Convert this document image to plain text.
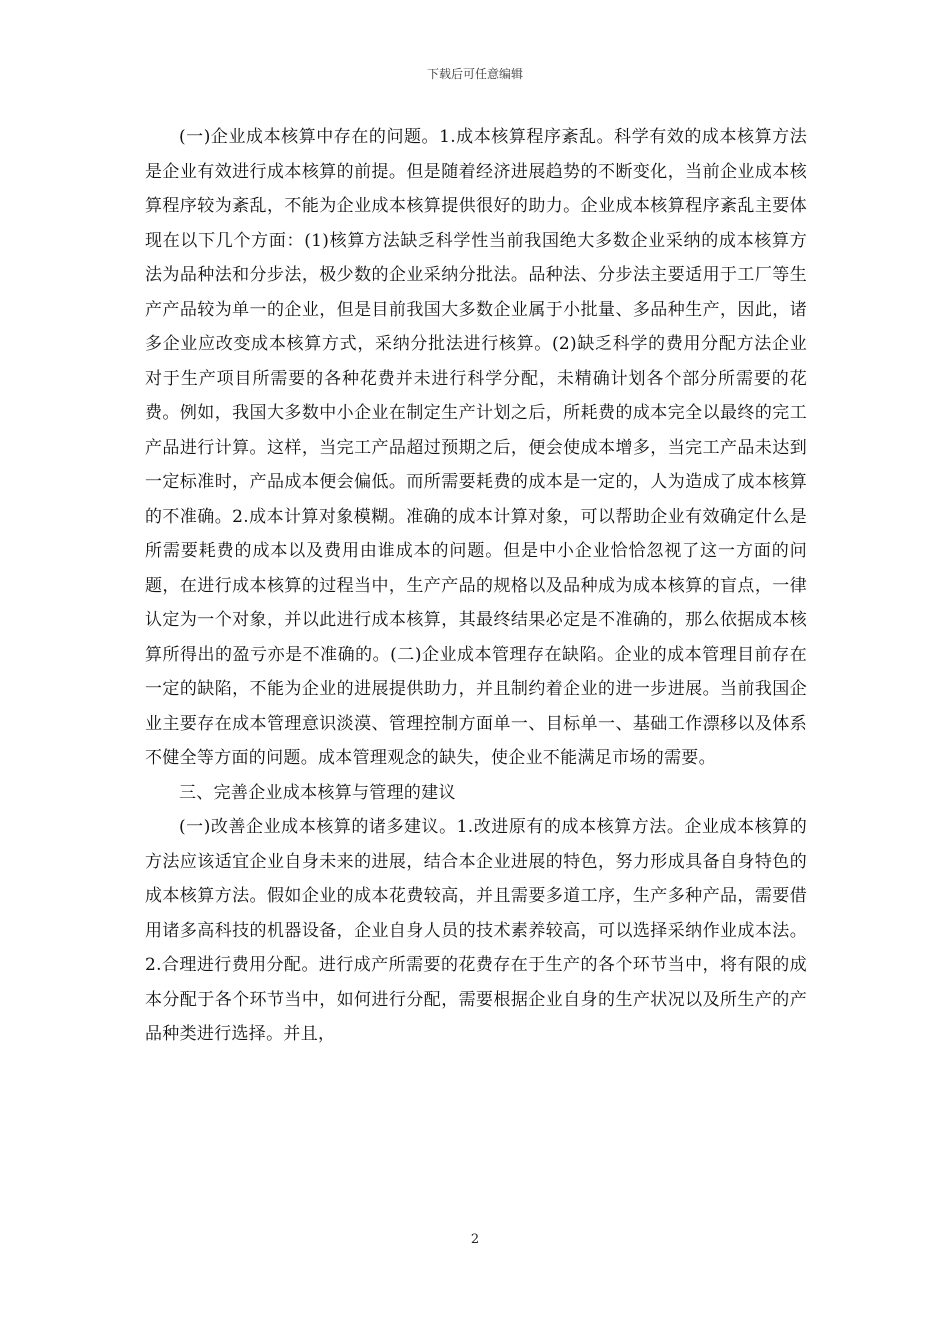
下载后可任意编辑

(一)企业成本核算中存在的问题。1.成本核算程序紊乱。科学有效的成本核算方法是企业有效进行成本核算的前提。但是随着经济进展趋势的不断变化，当前企业成本核算程序较为紊乱，不能为企业成本核算提供很好的助力。企业成本核算程序紊乱主要体现在以下几个方面：(1)核算方法缺乏科学性当前我国绝大多数企业采纳的成本核算方法为品种法和分步法，极少数的企业采纳分批法。品种法、分步法主要适用于工厂等生产产品较为单一的企业，但是目前我国大多数企业属于小批量、多品种生产，因此，诸多企业应改变成本核算方式，采纳分批法进行核算。(2)缺乏科学的费用分配方法企业对于生产项目所需要的各种花费并未进行科学分配，未精确计划各个部分所需要的花费。例如，我国大多数中小企业在制定生产计划之后，所耗费的成本完全以最终的完工产品进行计算。这样，当完工产品超过预期之后，便会使成本增多，当完工产品未达到一定标准时，产品成本便会偏低。而所需要耗费的成本是一定的，人为造成了成本核算的不准确。2.成本计算对象模糊。准确的成本计算对象，可以帮助企业有效确定什么是所需要耗费的成本以及费用由谁成本的问题。但是中小企业恰恰忽视了这一方面的问题，在进行成本核算的过程当中，生产产品的规格以及品种成为成本核算的盲点，一律认定为一个对象，并以此进行成本核算，其最终结果必定是不准确的，那么依据成本核算所得出的盈亏亦是不准确的。(二)企业成本管理存在缺陷。企业的成本管理目前存在一定的缺陷，不能为企业的进展提供助力，并且制约着企业的进一步进展。当前我国企业主要存在成本管理意识淡漠、管理控制方面单一、目标单一、基础工作漂移以及体系不健全等方面的问题。成本管理观念的缺失，使企业不能满足市场的需要。

三、完善企业成本核算与管理的建议

(一)改善企业成本核算的诸多建议。1.改进原有的成本核算方法。企业成本核算的方法应该适宜企业自身未来的进展，结合本企业进展的特色，努力形成具备自身特色的成本核算方法。假如企业的成本花费较高，并且需要多道工序，生产多种产品，需要借用诸多高科技的机器设备，企业自身人员的技术素养较高，可以选择采纳作业成本法。2.合理进行费用分配。进行成产所需要的花费存在于生产的各个环节当中，将有限的成本分配于各个环节当中，如何进行分配，需要根据企业自身的生产状况以及所生产的产品种类进行选择。并且，

2
